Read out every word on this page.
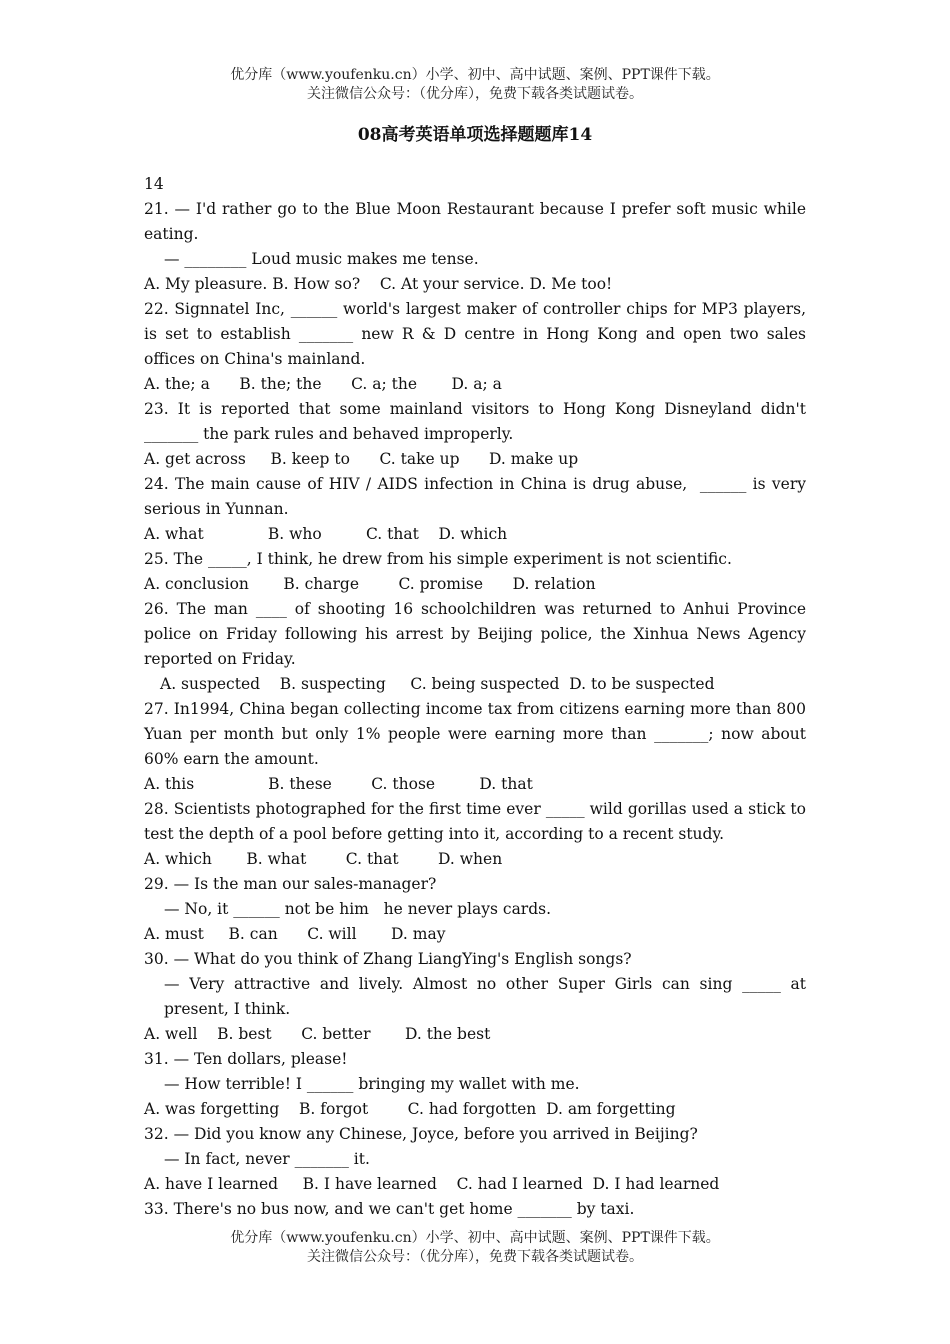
优分库（www.youfenku.cn）小学、初中、高中试题、案例、PPT课件下载。
关注微信公众号：（优分库），免费下载各类试题试卷。
08高考英语单项选择题题库14

14

21. — I'd rather go to the Blue Moon Restaurant because I prefer soft music while eating.

— ________ Loud music makes me tense.

A. My pleasure. B. How so?    C. At your service. D. Me too!

22. Signnatel Inc, ______ world's largest maker of controller chips for MP3 players, is set to establish _______ new R & D centre in Hong Kong and open two sales offices on China's mainland.

A. the; a      B. the; the      C. a; the       D. a; a

23. It is reported that some mainland visitors to Hong Kong Disneyland didn't _______ the park rules and behaved improperly.

A. get across     B. keep to      C. take up      D. make up

24. The main cause of HIV / AIDS infection in China is drug abuse,  ______ is very serious in Yunnan.

A. what             B. who         C. that    D. which

25. The _____, I think, he drew from his simple experiment is not scientific.

A. conclusion       B. charge        C. promise      D. relation

26. The man ____ of shooting 16 schoolchildren was returned to Anhui Province police on Friday following his arrest by Beijing police, the Xinhua News Agency reported on Friday.

A. suspected    B. suspecting     C. being suspected  D. to be suspected

27. In1994, China began collecting income tax from citizens earning more than 800 Yuan per month but only 1% people were earning more than _______; now about 60% earn the amount.

A. this               B. these        C. those         D. that

28. Scientists photographed for the first time ever _____ wild gorillas used a stick to test the depth of a pool before getting into it, according to a recent study.

A. which       B. what        C. that        D. when

29. — Is the man our sales-manager?

— No, it ______ not be him   he never plays cards.

A. must     B. can      C. will       D. may

30. — What do you think of Zhang LiangYing's English songs?

— Very attractive and lively. Almost no other Super Girls can sing _____ at present, I think.

A. well    B. best      C. better       D. the best

31. — Ten dollars, please!

— How terrible! I ______ bringing my wallet with me.

A. was forgetting    B. forgot        C. had forgotten  D. am forgetting

32. — Did you know any Chinese, Joyce, before you arrived in Beijing?

— In fact, never _______ it.

A. have I learned     B. I have learned    C. had I learned  D. I had learned

33. There's no bus now, and we can't get home _______ by taxi.

优分库（www.youfenku.cn）小学、初中、高中试题、案例、PPT课件下载。
关注微信公众号：（优分库），免费下载各类试题试卷。
